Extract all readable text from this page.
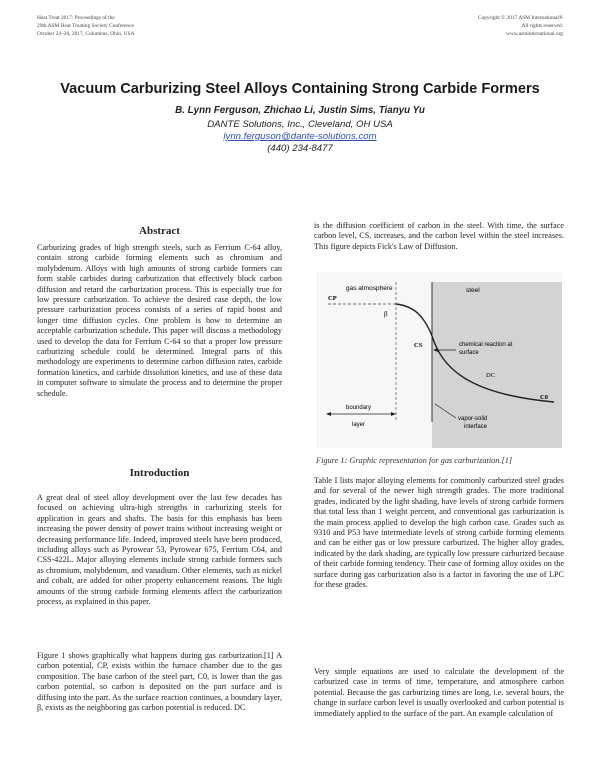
Heat Treat 2017: Proceedings of the
29th ASM Heat Treating Society Conference
October 24–26, 2017, Columbus, Ohio, USA
Copyright © 2017 ASM International®
All rights reserved.
www.asminternational.org
Vacuum Carburizing Steel Alloys Containing Strong Carbide Formers
B. Lynn Ferguson, Zhichao Li, Justin Sims, Tianyu Yu
DANTE Solutions, Inc., Cleveland, OH USA
lynn.ferguson@dante-solutions.com
(440) 234-8477
Abstract
Carburizing grades of high strength steels, such as Ferrium C-64 alloy, contain strong carbide forming elements such as chromium and molybdenum. Alloys with high amounts of strong carbide formers can form stable carbides during carburization that effectively block carbon diffusion and retard the carburization process. This is especially true for low pressure carburization. To achieve the desired case depth, the low pressure carburization process consists of a series of rapid boost and longer time diffusion cycles. One problem is how to determine an acceptable carburization schedule. This paper will discuss a methodology used to develop the data for Ferrium C-64 so that a proper low pressure carburizing schedule could be determined. Integral parts of this methodology are experiments to determine carbon diffusion rates, carbide formation kinetics, and carbide dissolution kinetics, and use of these data in computer software to simulate the process and to determine the proper schedule.
Introduction
A great deal of steel alloy development over the last few decades has focused on achieving ultra-high strengths in carburizing steels for application in gears and shafts. The basis for this emphasis has been increasing the power density of power trains without increasing weight or decreasing performance life. Indeed, improved steels have been produced, including alloys such as Pyrowear 53, Pyrowear 675, Ferrium C64, and CSS-422L. Major alloying elements include strong carbide formers such as chromium, molybdenum, and vanadium. Other elements, such as nickel and cobalt, are added for other property enhancement reasons. The high amounts of the strong carbide forming elements affect the carburization process, as explained in this paper.
Figure 1 shows graphically what happens during gas carburization.[1] A carbon potential, CP, exists within the furnace chamber due to the gas composition. The base carbon of the steel part, C0, is lower than the gas carbon potential, so carbon is deposited on the part surface and is diffusing into the part. As the surface reaction continues, a boundary layer, β, exists as the neighboring gas carbon potential is reduced. DC
is the diffusion coefficient of carbon in the steel. With time, the surface carbon level, CS, increases, and the carbon level within the steel increases. This figure depicts Fick's Law of Diffusion.
gas atmosphere	steel
CP
β
CS	chemical reaction at
surface
DC
C0
boundary
layer
vapor-solid
interface
Figure 1: Graphic representation for gas carburization.[1]
Table I lists major alloying elements for commonly carburized steel grades and for several of the newer high strength grades. The more traditional grades, indicated by the light shading, have levels of strong carbide formers that total less than 1 weight percent, and conventional gas carburization is the main process applied to develop the high carbon case. Grades such as 9310 and P53 have intermediate levels of strong carbide forming elements and can be either gas or low pressure carburized. The higher alloy grades, indicated by the dark shading, are typically low pressure carburized because of their carbide forming tendency. Their case of forming alloy oxides on the surface during gas carburization also is a factor in favoring the use of LPC for these grades.
Very simple equations are used to calculate the development of the carburized case in terms of time, temperature, and atmosphere carbon potential. Because the gas carburizing times are long, i.e. several hours, the change in surface carbon level is usually overlooked and carbon potential is immediately applied to the surface of the part. An example calculation of
